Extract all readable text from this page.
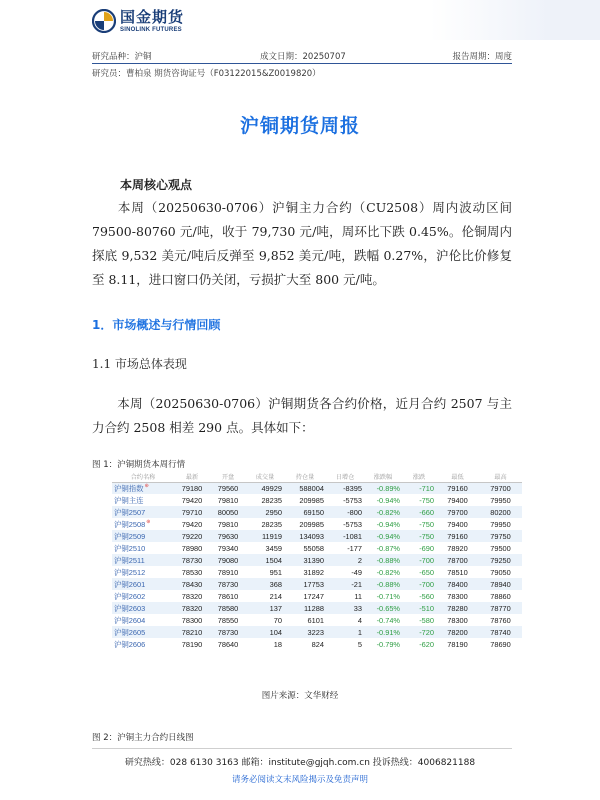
国金期货
SINOLINK FUTURES
研究品种：沪铜	成文日期：20250707	报告周期：周度
研究员：曹柏泉 期货咨询证号（F03122015&Z0019820）
沪铜期货周报
本周核心观点
本周（20250630-0706）沪铜主力合约（CU2508）周内波动区间 79500-80760 元/吨，收于 79,730 元/吨，周环比下跌 0.45%。伦铜周内探底 9,532 美元/吨后反弹至 9,852 美元/吨，跌幅 0.27%，沪伦比价修复至 8.11，进口窗口仍关闭，亏损扩大至 800 元/吨。
1．市场概述与行情回顾
1.1 市场总体表现
本周（20250630-0706）沪铜期货各合约价格，近月合约 2507 与主力合约 2508 相差 290 点。具体如下：
图 1：沪铜期货本周行情
合约名称	最新	开盘	成交量	持仓量	日增仓	涨跌幅	涨跌	最低	最高
沪铜指数⊕	79180	79560	49929	588004	-8395	-0.89%	-710	79160	79700
沪铜主连	79420	79810	28235	209985	-5753	-0.94%	-750	79400	79950
沪铜2507	79710	80050	2950	69150	-800	-0.82%	-660	79700	80200
沪铜2508⊕	79420	79810	28235	209985	-5753	-0.94%	-750	79400	79950
沪铜2509	79220	79630	11919	134093	-1081	-0.94%	-750	79160	79750
沪铜2510	78980	79340	3459	55058	-177	-0.87%	-690	78920	79500
沪铜2511	78730	79080	1504	31390	2	-0.88%	-700	78700	79250
沪铜2512	78530	78910	951	31892	-49	-0.82%	-650	78510	79050
沪铜2601	78430	78730	368	17753	-21	-0.88%	-700	78400	78940
沪铜2602	78320	78610	214	17247	11	-0.71%	-560	78300	78860
沪铜2603	78320	78580	137	11288	33	-0.65%	-510	78280	78770
沪铜2604	78300	78550	70	6101	4	-0.74%	-580	78300	78760
沪铜2605	78210	78730	104	3223	1	-0.91%	-720	78200	78740
沪铜2606	78190	78640	18	824	5	-0.79%	-620	78190	78690
图片来源：文华财经
图 2：沪铜主力合约日线图
研究热线：028 6130 3163 邮箱：institute@gjqh.com.cn 投诉热线：4006821188
请务必阅读文末风险揭示及免责声明
